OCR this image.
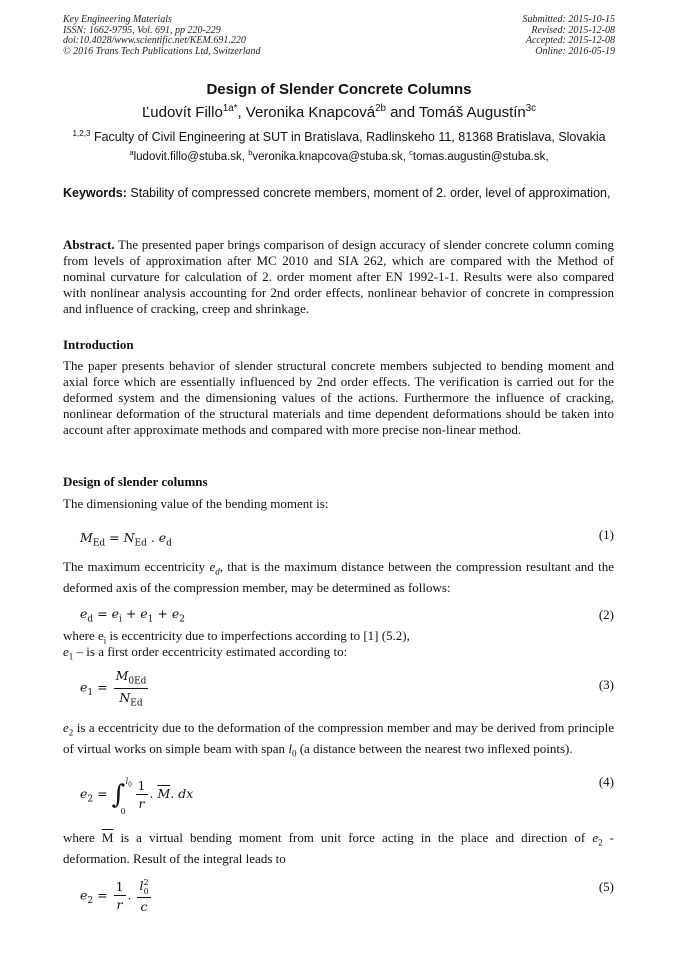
Key Engineering Materials
ISSN: 1662-9795, Vol. 691, pp 220-229
doi:10.4028/www.scientific.net/KEM.691.220
© 2016 Trans Tech Publications Ltd, Switzerland
Submitted: 2015-10-15
Revised: 2015-12-08
Accepted: 2015-12-08
Online: 2016-05-19
Design of Slender Concrete Columns
Ľudovít Fillo$^{1a*}$, Veronika Knapcová$^{2b}$ and Tomáš Augustín$^{3c}$
$^{1,2,3}$ Faculty of Civil Engineering at SUT in Bratislava, Radlinskeho 11, 81368 Bratislava, Slovakia
$^a$ludovit.fillo@stuba.sk, $^b$veronika.knapcova@stuba.sk, $^c$tomas.augustin@stuba.sk,
Keywords: Stability of compressed concrete members, moment of 2. order, level of approximation,
Abstract. The presented paper brings comparison of design accuracy of slender concrete column coming from levels of approximation after MC 2010 and SIA 262, which are compared with the Method of nominal curvature for calculation of 2. order moment after EN 1992-1-1. Results were also compared with nonlinear analysis accounting for 2nd order effects, nonlinear behavior of concrete in compression and influence of cracking, creep and shrinkage.
Introduction
The paper presents behavior of slender structural concrete members subjected to bending moment and axial force which are essentially influenced by 2nd order effects. The verification is carried out for the deformed system and the dimensioning values of the actions. Furthermore the influence of cracking, nonlinear deformation of the structural materials and time dependent deformations should be taken into account after approximate methods and compared with more precise non-linear method.
Design of slender columns
The dimensioning value of the bending moment is:
$M_{Ed} = N_{Ed}$ . $e_d$
(1)
The maximum eccentricity $e_d$, that is the maximum distance between the compression resultant and the deformed axis of the compression member, may be determined as follows:
$e_d = e_i + e_1 + e_2$	(2)
where $e_i$ is eccentricity due to imperfections according to [1] (5.2),
$e_1$ – is a first order eccentricity estimated according to:
$e_1 = \frac{M_{0Ed}}{N_{Ed}}$	(3)
$e_2$ is a eccentricity due to the deformation of the compression member and may be derived from principle of virtual works on simple beam with span $l_0$ (a distance between the nearest two inflexed points).
$e_2$ = ∫ $l_0$
0
$\frac{1}{r}$ . $\overline{M}$. dx
(4)
where $\overline{M}$ is a virtual bending moment from unit force acting in the place and direction of $e_2$ - deformation. Result of the integral leads to
$e_2 = \frac{1}{r}$ . $\frac{l^2_0}{c}$	(5)
